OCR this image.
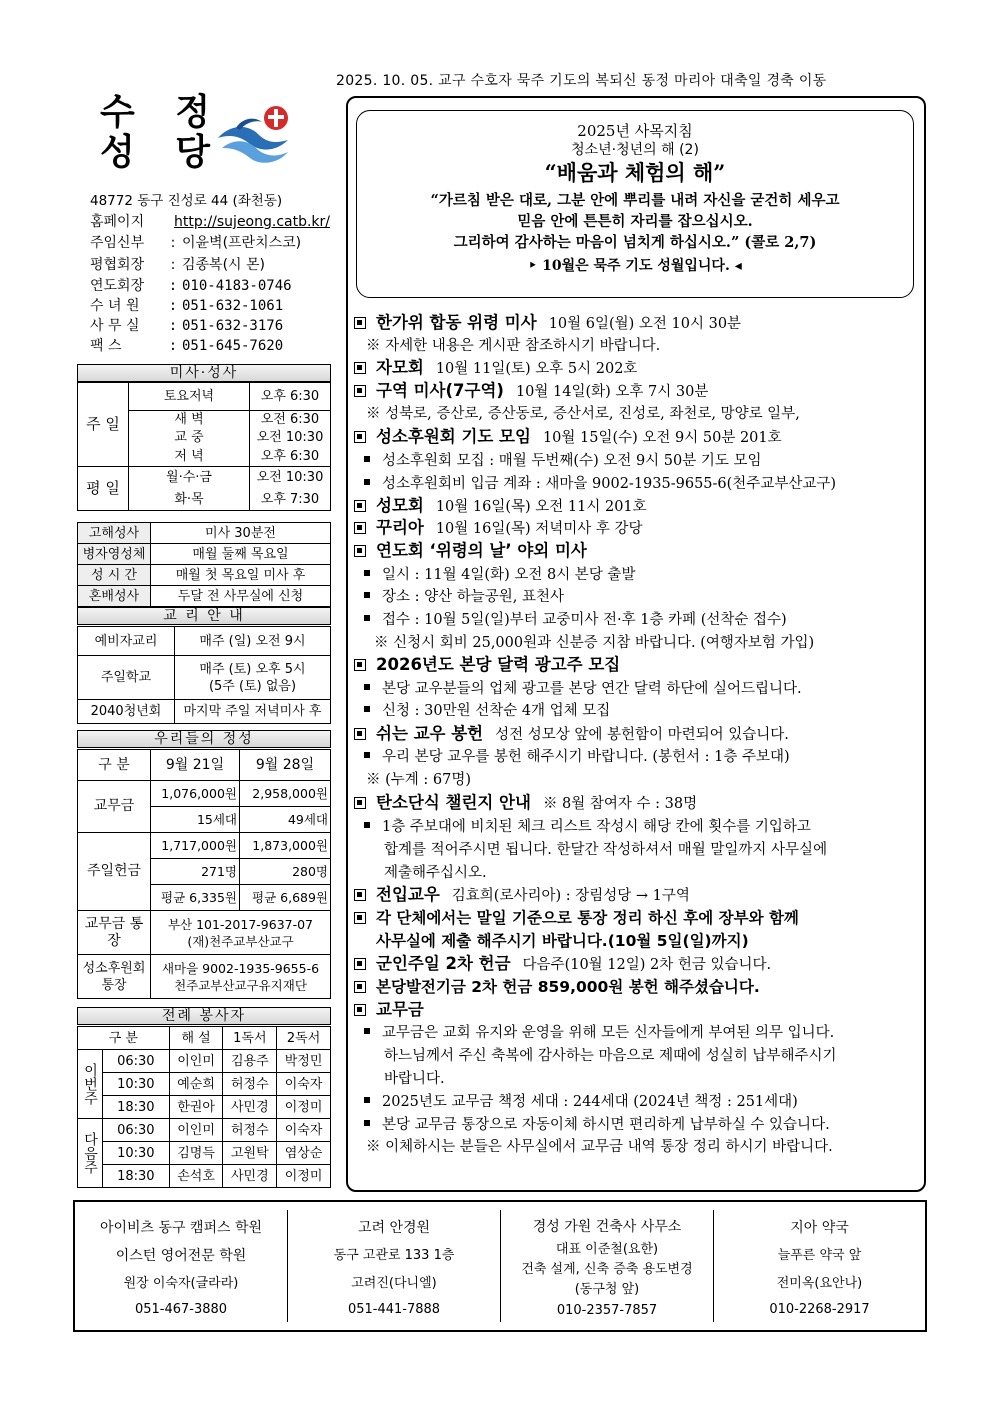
2025. 10. 05. 교구 수호자 묵주 기도의 복되신 동정 마리아 대축일 경축 이동
수 정
성 당
48772 동구 진성로 44 (좌천동)
홈페이지 http://sujeong.catb.kr/
주임신부 : 이윤벽(프란치스코)
평협회장 : 김종복(시 몬)
연도회장 : 010-4183-0746
수 녀 원 : 051-632-1061
사 무 실 : 051-632-3176
팩 스	: 051-645-7620
미사·성사
주 일	토요저녁	오후 6:30
	새 벽	오전 6:30
	교 중	오전 10:30
	저 녁	오후 6:30
평 일	월·수·금	오전 10:30
	화·목	오후 7:30
고해성사	미사 30분전
병자영성체	매월 둘째 목요일
성 시 간	매월 첫 목요일 미사 후
혼배성사	두달 전 사무실에 신청
교 리 안 내
예비자교리	매주 (일) 오전 9시
주일학교	매주 (토) 오후 5시
(5주 (토) 없음)

2040청년회	마지막 주일 저녁미사 후
우리들의 정성
구 분	9월 21일	9월 28일
교무금	1,076,000원	2,958,000원
	15세대	49세대
주일헌금	1,717,000원	1,873,000원
	271명	280명
	평균 6,335원	평균 6,689원
교무금 통장	부산 101-2017-9637-07
(재)천주교부산교구	

성소후원회 통장	새마을 9002-1935-9655-6
천주교부산교구유지재단	
전례 봉사자
구 분		해 설	1독서	2독서
이번주	06:30	이인미	김용주	박정민
	10:30	예순희	허정수	이숙자
	18:30	한권아	사민경	이정미
다음주	06:30	이인미	허정수	이숙자
	10:30	김명득	고원탁	염상순
	18:30	손석호	사민경	이정미
2025년 사목지침
청소년·청년의 해 (2)
“배움과 체험의 해”
“가르침 받은 대로, 그분 안에 뿌리를 내려 자신을 굳건히 세우고
믿음 안에 튼튼히 자리를 잡으십시오.
그리하여 감사하는 마음이 넘치게 하십시오.” (콜로 2,7)
‣ 10월은 묵주 기도 성월입니다. ◂
한가위 합동 위령 미사 10월 6일(월) 오전 10시 30분
※ 자세한 내용은 게시판 참조하시기 바랍니다.
자모회 10월 11일(토) 오후 5시 202호
구역 미사(7구역) 10월 14일(화) 오후 7시 30분
※ 성북로, 증산로, 증산동로, 증산서로, 진성로, 좌천로, 망양로 일부,
성소후원회 기도 모임 10월 15일(수) 오전 9시 50분 201호
성소후원회 모집 : 매월 두번째(수) 오전 9시 50분 기도 모임
성소후원회비 입금 계좌 : 새마을 9002-1935-9655-6(천주교부산교구)
성모회 10월 16일(목) 오전 11시 201호
꾸리아 10월 16일(목) 저녁미사 후 강당
연도회 ‘위령의 날’ 야외 미사
일시 : 11월 4일(화) 오전 8시 본당 출발
장소 : 양산 하늘공원, 표천사
접수 : 10월 5일(일)부터 교중미사 전·후 1층 카페 (선착순 접수)
※ 신청시 회비 25,000원과 신분증 지참 바랍니다. (여행자보험 가입)
2026년도 본당 달력 광고주 모집
본당 교우분들의 업체 광고를 본당 연간 달력 하단에 실어드립니다.
신청 : 30만원 선착순 4개 업체 모집
쉬는 교우 봉헌 성전 성모상 앞에 봉헌함이 마련되어 있습니다.
우리 본당 교우를 봉헌 해주시기 바랍니다. (봉헌서 : 1층 주보대)
※ (누계 : 67명)
탄소단식 챌린지 안내 ※ 8월 참여자 수 : 38명
1층 주보대에 비치된 체크 리스트 작성시 해당 칸에 횟수를 기입하고
합계를 적어주시면 됩니다. 한달간 작성하셔서 매월 말일까지 사무실에
제출해주십시오.
전입교우 김효희(로사리아) : 장림성당 → 1구역
각 단체에서는 말일 기준으로 통장 정리 하신 후에 장부와 함께
사무실에 제출 해주시기 바랍니다.(10월 5일(일)까지)
군인주일 2차 헌금 다음주(10월 12일) 2차 헌금 있습니다.
본당발전기금 2차 헌금 859,000원 봉헌 해주셨습니다.
교무금
교무금은 교회 유지와 운영을 위해 모든 신자들에게 부여된 의무 입니다.
하느님께서 주신 축복에 감사하는 마음으로 제때에 성실히 납부해주시기
바랍니다.
2025년도 교무금 책정 세대 : 244세대 (2024년 책정 : 251세대)
본당 교무금 통장으로 자동이체 하시면 편리하게 납부하실 수 있습니다.
※ 이체하시는 분들은 사무실에서 교무금 내역 통장 정리 하시기 바랍니다.
아이비츠 동구 캠퍼스 학원
이스턴 영어전문 학원
원장 이숙자(글라라)
051-467-3880
고려 안경원
동구 고관로 133 1층
고려진(다니엘)
051-441-7888
경성 가원 건축사 사무소
대표 이준철(요한)
건축 설계, 신축 증축 용도변경
(동구청 앞)
010-2357-7857
지아 약국
늘푸른 약국 앞
전미옥(요안나)
010-2268-2917
